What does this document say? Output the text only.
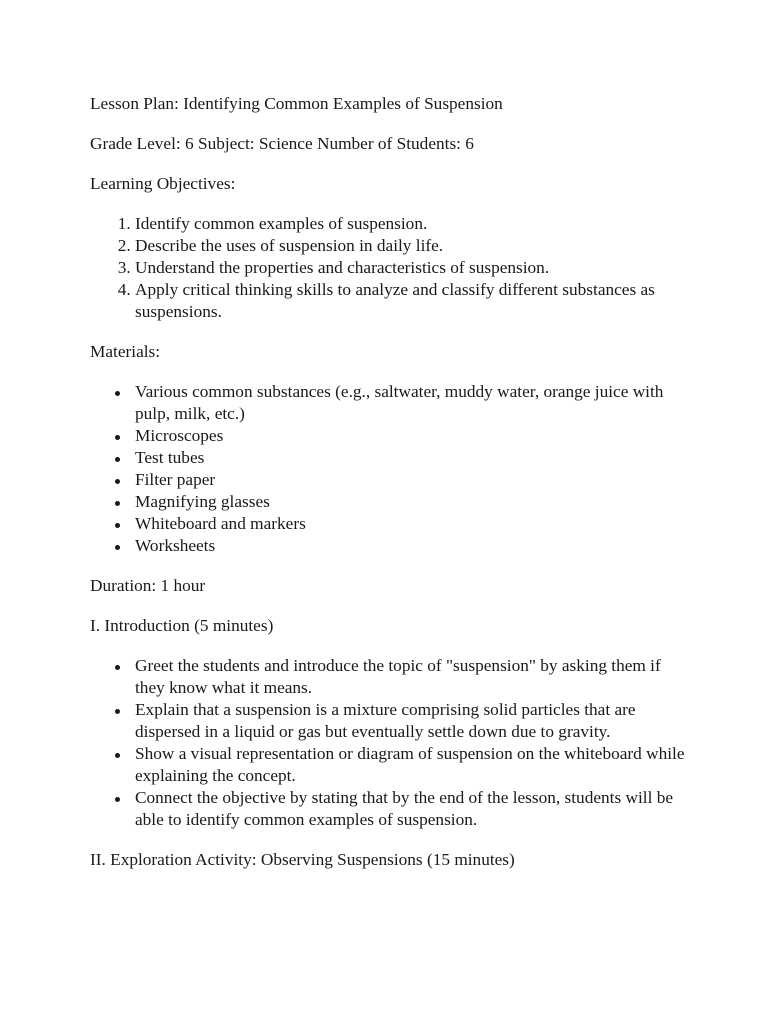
Lesson Plan: Identifying Common Examples of Suspension

Grade Level: 6 Subject: Science Number of Students: 6

Learning Objectives:

1. Identify common examples of suspension.
2. Describe the uses of suspension in daily life.
3. Understand the properties and characteristics of suspension.
4. Apply critical thinking skills to analyze and classify different substances as suspensions.

Materials:

Various common substances (e.g., saltwater, muddy water, orange juice with pulp, milk, etc.)
Microscopes
Test tubes
Filter paper
Magnifying glasses
Whiteboard and markers
Worksheets

Duration: 1 hour

I. Introduction (5 minutes)

Greet the students and introduce the topic of "suspension" by asking them if they know what it means.
Explain that a suspension is a mixture comprising solid particles that are dispersed in a liquid or gas but eventually settle down due to gravity.
Show a visual representation or diagram of suspension on the whiteboard while explaining the concept.
Connect the objective by stating that by the end of the lesson, students will be able to identify common examples of suspension.

II. Exploration Activity: Observing Suspensions (15 minutes)
